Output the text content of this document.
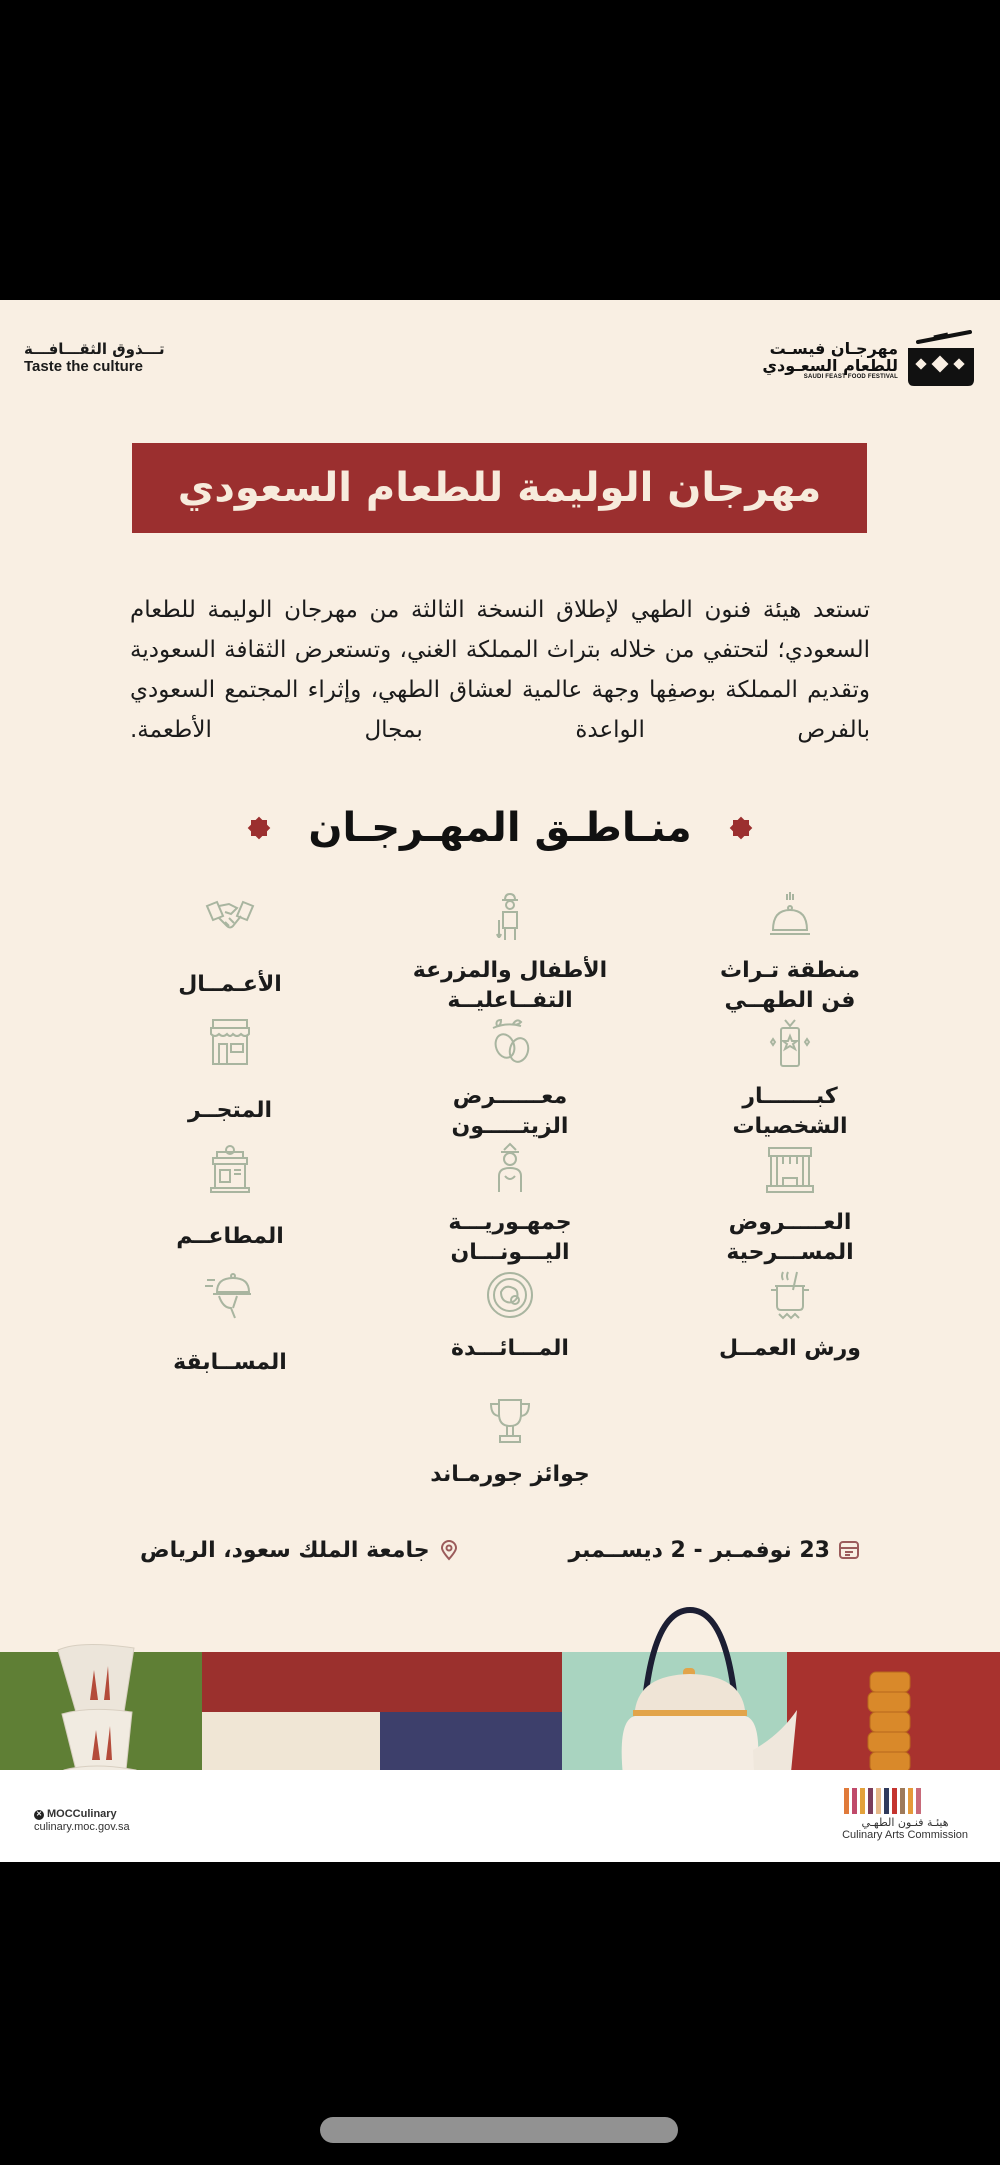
تـــذوق الثقـــافـــة
Taste the culture
مهرجـان فيسـت
للطعام السعـودي
SAUDI FEAST FOOD FESTIVAL
مهرجان الوليمة للطعام السعودي

تستعد هيئة فنون الطهي لإطلاق النسخة الثالثة من مهرجان الوليمة للطعام السعودي؛ لتحتفي من خلاله بتراث المملكة الغني، وتستعرض الثقافة السعودية وتقديم المملكة بوصفِها وجهة عالمية لعشاق الطهي، وإثراء المجتمع السعودي بالفرص الواعدة بمجال الأطعمة.

منـاطـق المهـرجـان
منطقة تـراث
فن الطهــي
الأطفال والمزرعة
التفــاعليــة
الأعـمــال
كبـــــــار
الشخصيات
معــــــرض
الزيتـــــون
المتجــر
العـــــروض
المســـرحية
جمهـوريـــة
اليـــونـــان
المطاعــم
ورش العمــل
المـــائـــدة
المســابقة
جوائز جورمـاند
23 نوفمـبر - 2 ديســمبر
جامعة الملك سعود، الرياض
✕ MOCCulinary
culinary.moc.gov.sa	هيئـة فنـون الطهـي
Culinary Arts Commission
